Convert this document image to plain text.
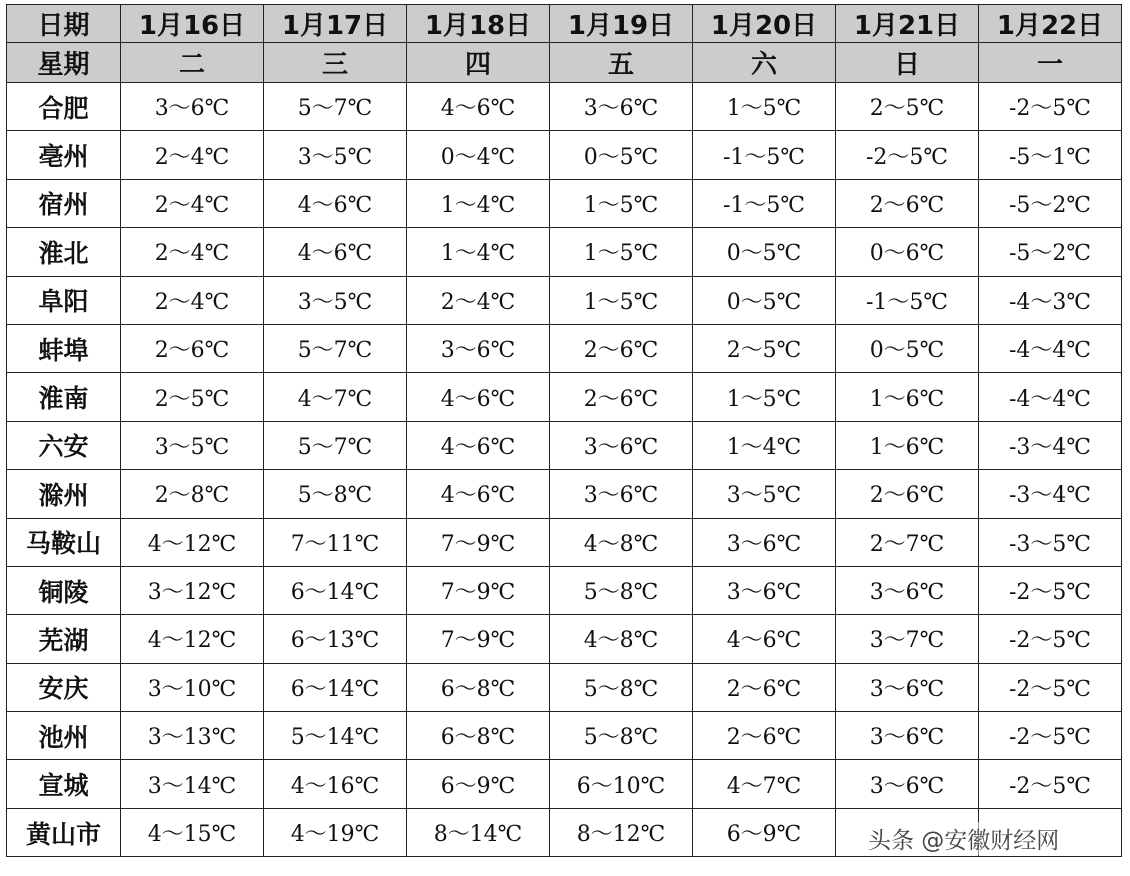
日期	1月16日	1月17日	1月18日	1月19日	1月20日	1月21日	1月22日
星期	二	三	四	五	六	日	一
合肥	3～6℃	5～7℃	4～6℃	3～6℃	1～5℃	2～5℃	-2～5℃
亳州	2～4℃	3～5℃	0～4℃	0～5℃	-1～5℃	-2～5℃	-5～1℃
宿州	2～4℃	4～6℃	1～4℃	1～5℃	-1～5℃	2～6℃	-5～2℃
淮北	2～4℃	4～6℃	1～4℃	1～5℃	0～5℃	0～6℃	-5～2℃
阜阳	2～4℃	3～5℃	2～4℃	1～5℃	0～5℃	-1～5℃	-4～3℃
蚌埠	2～6℃	5～7℃	3～6℃	2～6℃	2～5℃	0～5℃	-4～4℃
淮南	2～5℃	4～7℃	4～6℃	2～6℃	1～5℃	1～6℃	-4～4℃
六安	3～5℃	5～7℃	4～6℃	3～6℃	1～4℃	1～6℃	-3～4℃
滁州	2～8℃	5～8℃	4～6℃	3～6℃	3～5℃	2～6℃	-3～4℃
马鞍山	4～12℃	7～11℃	7～9℃	4～8℃	3～6℃	2～7℃	-3～5℃
铜陵	3～12℃	6～14℃	7～9℃	5～8℃	3～6℃	3～6℃	-2～5℃
芜湖	4～12℃	6～13℃	7～9℃	4～8℃	4～6℃	3～7℃	-2～5℃
安庆	3～10℃	6～14℃	6～8℃	5～8℃	2～6℃	3～6℃	-2～5℃
池州	3～13℃	5～14℃	6～8℃	5～8℃	2～6℃	3～6℃	-2～5℃
宣城	3～14℃	4～16℃	6～9℃	6～10℃	4～7℃	3～6℃	-2～5℃
黄山市	4～15℃	4～19℃	8～14℃	8～12℃	6～9℃			头条 @安徽财经网
